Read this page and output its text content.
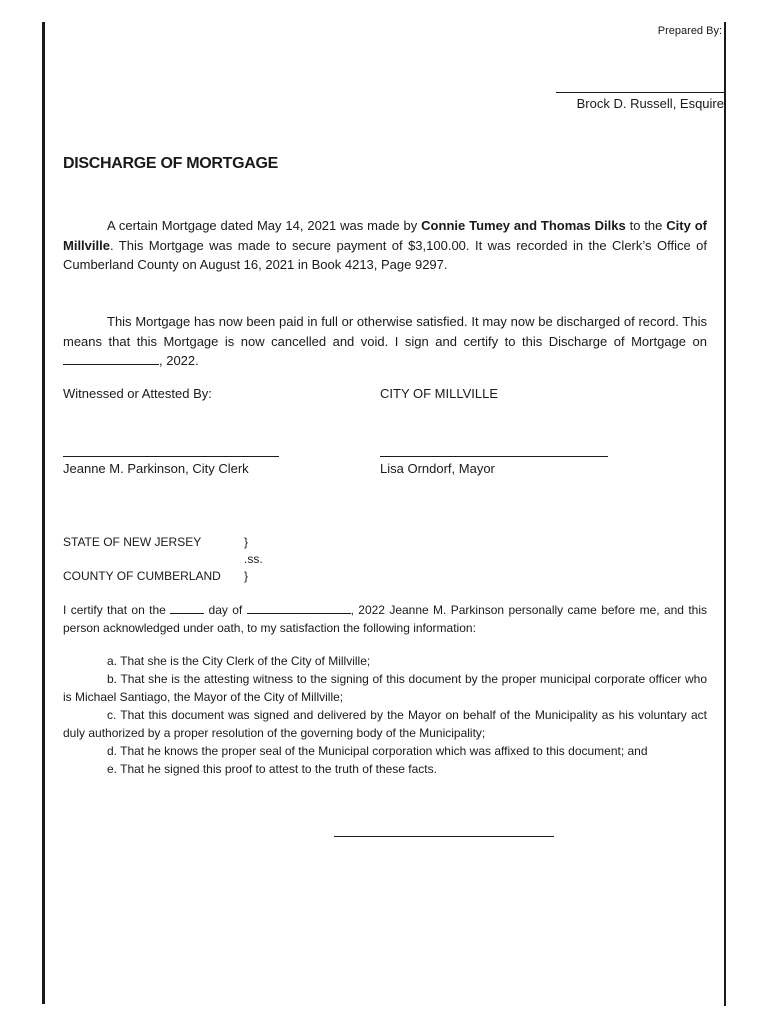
Prepared By:
Brock D. Russell, Esquire
DISCHARGE OF MORTGAGE

A certain Mortgage dated May 14, 2021 was made by Connie Tumey and Thomas Dilks to the City of Millville. This Mortgage was made to secure payment of $3,100.00. It was recorded in the Clerk’s Office of Cumberland County on August 16, 2021 in Book 4213, Page 9297.

This Mortgage has now been paid in full or otherwise satisfied. It may now be discharged of record. This means that this Mortgage is now cancelled and void. I sign and certify to this Discharge of Mortgage on , 2022.

Witnessed or Attested By:	CITY OF MILLVILLE
Jeanne M. Parkinson, City Clerk	Lisa Orndorf, Mayor
STATE OF NEW JERSEY	}
.ss.
COUNTY OF CUMBERLAND }

I certify that on the	day of	, 2022 Jeanne M. Parkinson personally came before me, and this person acknowledged under oath, to my satisfaction the following information:

a. That she is the City Clerk of the City of Millville;

b. That she is the attesting witness to the signing of this document by the proper municipal corporate officer who is Michael Santiago, the Mayor of the City of Millville;

c. That this document was signed and delivered by the Mayor on behalf of the Municipality as his voluntary act duly authorized by a proper resolution of the governing body of the Municipality;

d. That he knows the proper seal of the Municipal corporation which was affixed to this document; and

e. That he signed this proof to attest to the truth of these facts.
